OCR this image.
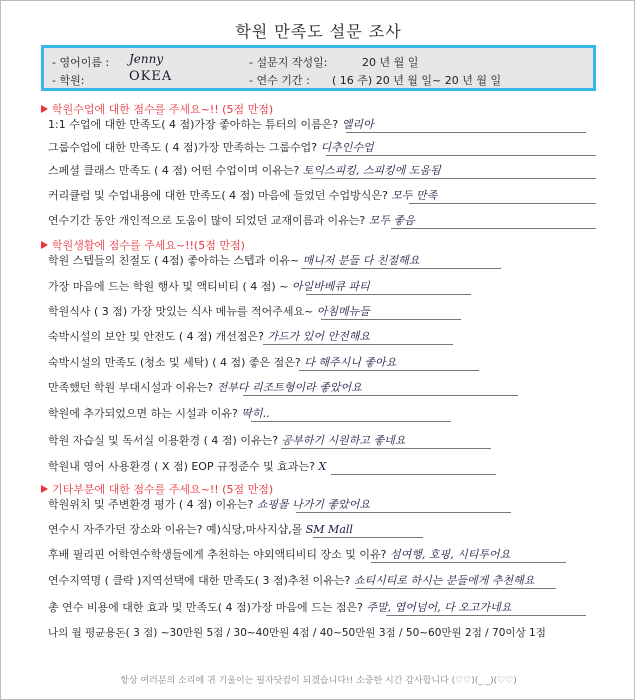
학원 만족도 설문 조사
- 영어이름 : Jenny
- 학원:	OKEA
- 설문지 작성일:	20 년 월 일
- 연수 기간 : ( 16 주) 20 년 월 일~ 20 년 월 일
학원수업에 대한 점수를 주세요~!! (5점 만점)
1:1 수업에 대한 만족도( 4 점)가장 좋아하는 튜터의 이름은? 엘리아
그룹수업에 대한 만족도 ( 4 점)가장 만족하는 그룹수업? 디추인수업
스페셜 클래스 만족도 ( 4 점) 어떤 수업이며 이유는? 토익스피킹, 스피킹에 도움됨
커리큘럼 및 수업내용에 대한 만족도( 4 점) 마음에 들었던 수업방식은? 모두 만족
연수기간 동안 개인적으로 도움이 많이 되었던 교재이름과 이유는? 모두 좋음
학원생활에 점수를 주세요~!!(5점 만점)
학원 스텝들의 친절도 ( 4점) 좋아하는 스텝과 이유~ 매니저 분들 다 친절해요
가장 마음에 드는 학원 행사 및 액티비티 ( 4 점) ~ 아일바베큐 파티
학원식사 ( 3 점) 가장 맛있는 식사 메뉴를 적어주세요~ 아침메뉴들
숙박시설의 보안 및 안전도 ( 4 점) 개선점은? 가드가 있어 안전해요
숙박시설의 만족도 (청소 및 세탁) ( 4 점) 좋은 점은? 다 해주시니 좋아요
만족했던 학원 부대시설과 이유는? 전부다 리조트형이라 좋았어요
학원에 추가되었으면 하는 시설과 이유? 딱히..
학원 자습실 및 독서실 이용환경 ( 4 점) 이유는? 공부하기 시원하고 좋네요
학원내 영어 사용환경 ( X 점) EOP 규정준수 및 효과는? X
기타부분에 대한 점수를 주세요~!! (5점 만점)
학원위치 및 주변환경 평가 ( 4 점) 이유는? 쇼핑몰 나가기 좋았어요
연수시 자주가던 장소와 이유는? 예)식당,마사지샵,몰 SM Mall
후배 필리핀 어학연수학생들에게 추천하는 야외액티비티 장소 및 이유? 섬여행, 호핑, 시티투어요
연수지역명 ( 클락 )지역선택에 대한 만족도( 3 점)추천 이유는? 쇼티시티로 하시는 분들에게 추천해요
총 연수 비용에 대한 효과 및 만족도( 4 점)가장 마음에 드는 점은? 주말, 엽어넘어, 다 오고가네요
나의 월 평균용돈( 3 점) ~30만원 5점 / 30~40만원 4점 / 40~50만원 3점 / 50~60만원 2점 / 70이상 1점
항상 여러분의 소리에 귀 기울이는 필자닷컴이 되겠습니다!! 소중한 시간 감사합니다 (♡♡)(_ _)(♡♡)
